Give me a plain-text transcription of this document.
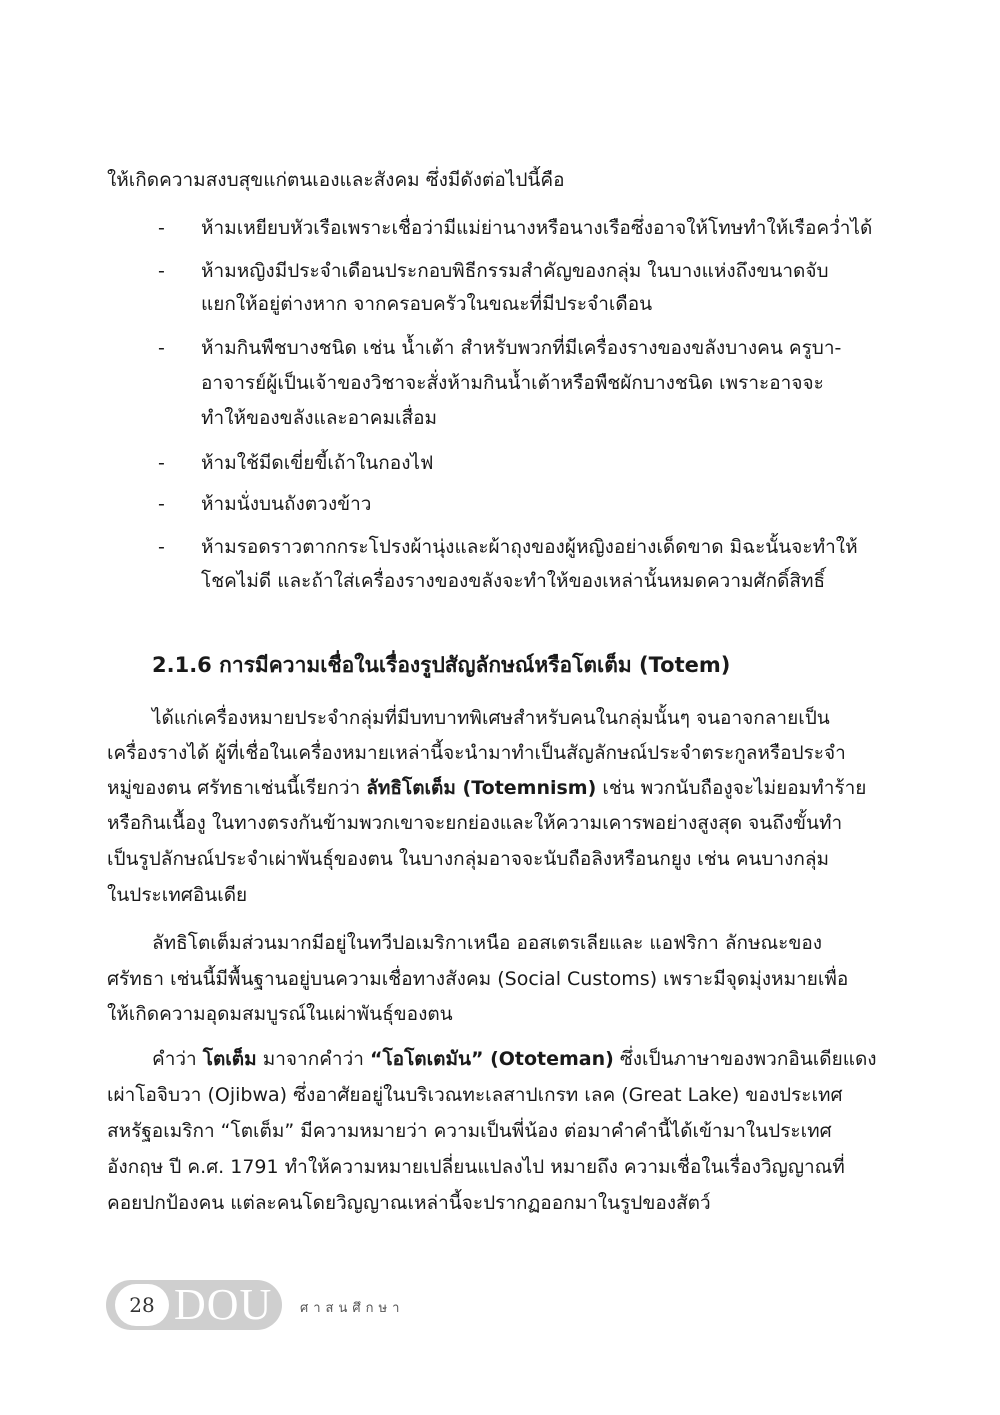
ให้เกิดความสงบสุขแก่ตนเองและสังคม ซึ่งมีดังต่อไปนี้คือ
- ห้ามเหยียบหัวเรือเพราะเชื่อว่ามีแม่ย่านางหรือนางเรือซึ่งอาจให้โทษทำให้เรือคว่ำได้
- ห้ามหญิงมีประจำเดือนประกอบพิธีกรรมสำคัญของกลุ่ม ในบางแห่งถึงขนาดจับ
แยกให้อยู่ต่างหาก จากครอบครัวในขณะที่มีประจำเดือน
- ห้ามกินพืชบางชนิด เช่น น้ำเต้า สำหรับพวกที่มีเครื่องรางของขลังบางคน ครูบา-
อาจารย์ผู้เป็นเจ้าของวิชาจะสั่งห้ามกินน้ำเต้าหรือพืชผักบางชนิด เพราะอาจจะ
ทำให้ของขลังและอาคมเสื่อม
- ห้ามใช้มีดเขี่ยขี้เถ้าในกองไฟ
- ห้ามนั่งบนถังตวงข้าว
- ห้ามรอดราวตากกระโปรงผ้านุ่งและผ้าถุงของผู้หญิงอย่างเด็ดขาด มิฉะนั้นจะทำให้
โชคไม่ดี และถ้าใส่เครื่องรางของขลังจะทำให้ของเหล่านั้นหมดความศักดิ์สิทธิ์
2.1.6 การมีความเชื่อในเรื่องรูปสัญลักษณ์หรือโตเต็ม (Totem)
ได้แก่เครื่องหมายประจำกลุ่มที่มีบทบาทพิเศษสำหรับคนในกลุ่มนั้นๆ จนอาจกลายเป็น
เครื่องรางได้ ผู้ที่เชื่อในเครื่องหมายเหล่านี้จะนำมาทำเป็นสัญลักษณ์ประจำตระกูลหรือประจำ
หมู่ของตน ศรัทธาเช่นนี้เรียกว่า ลัทธิโตเต็ม (Totemnism) เช่น พวกนับถืองูจะไม่ยอมทำร้าย
หรือกินเนื้องู ในทางตรงกันข้ามพวกเขาจะยกย่องและให้ความเคารพอย่างสูงสุด จนถึงขั้นทำ
เป็นรูปลักษณ์ประจำเผ่าพันธุ์ของตน ในบางกลุ่มอาจจะนับถือลิงหรือนกยูง เช่น คนบางกลุ่ม
ในประเทศอินเดีย
ลัทธิโตเต็มส่วนมากมีอยู่ในทวีปอเมริกาเหนือ ออสเตรเลียและ แอฟริกา ลักษณะของ
ศรัทธา เช่นนี้มีพื้นฐานอยู่บนความเชื่อทางสังคม (Social Customs) เพราะมีจุดมุ่งหมายเพื่อ
ให้เกิดความอุดมสมบูรณ์ในเผ่าพันธุ์ของตน
คำว่า โตเต็ม มาจากคำว่า “โอโตเตมัน” (Ototeman) ซึ่งเป็นภาษาของพวกอินเดียแดง
เผ่าโอจิบวา (Ojibwa) ซึ่งอาศัยอยู่ในบริเวณทะเลสาปเกรท เลค (Great Lake) ของประเทศ
สหรัฐอเมริกา “โตเต็ม” มีความหมายว่า ความเป็นพี่น้อง ต่อมาคำคำนี้ได้เข้ามาในประเทศ
อังกฤษ ปี ค.ศ. 1791 ทำให้ความหมายเปลี่ยนแปลงไป หมายถึง ความเชื่อในเรื่องวิญญาณที่
คอยปกป้องคน แต่ละคนโดยวิญญาณเหล่านี้จะปรากฏออกมาในรูปของสัตว์
28 DOU ศาสนศึกษา
